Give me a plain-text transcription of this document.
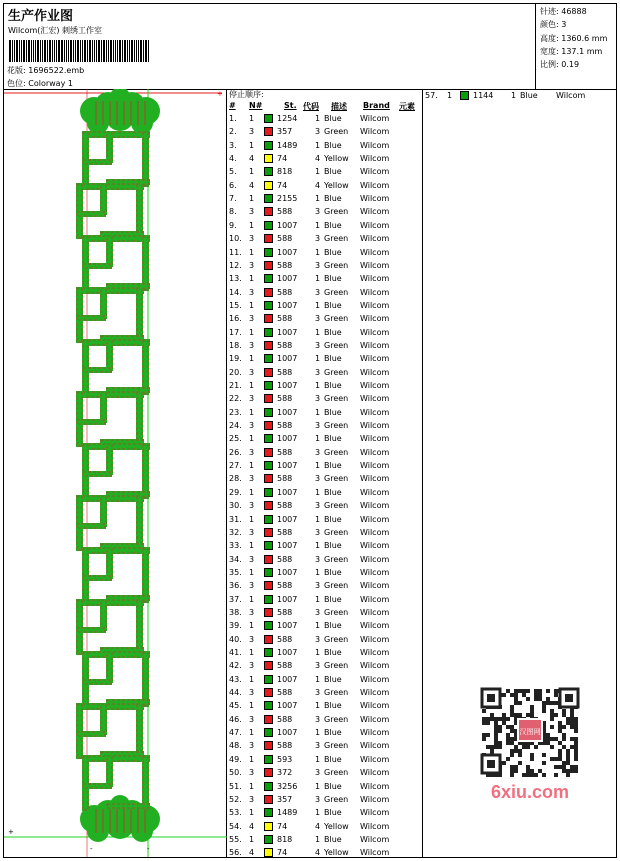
生产作业图
Wilcom(汇宏) 刺绣工作室
花版: 1696522.emb
色位: Colorway 1
针迹: 46888
颜色: 3
高度: 1360.6 mm
宽度: 137.1 mm
比例: 0.19
+
-	-
+ 停止顺序:
# N#	St. 代码 描述 Brand 元素
1. 1	1254	1 Blue Wilcom
2. 3	357	3 Green Wilcom
3. 1	1489	1 Blue Wilcom
4. 4	74	4 Yellow Wilcom
5. 1	818	1 Blue Wilcom
6. 4	74	4 Yellow Wilcom
7. 1	2155	1 Blue Wilcom
8. 3	588	3 Green Wilcom
9. 1	1007	1 Blue Wilcom
10. 3	588	3 Green Wilcom
11. 1	1007	1 Blue Wilcom
12. 3	588	3 Green Wilcom
13. 1	1007	1 Blue Wilcom
14. 3	588	3 Green Wilcom
15. 1	1007	1 Blue Wilcom
16. 3	588	3 Green Wilcom
17. 1	1007	1 Blue Wilcom
18. 3	588	3 Green Wilcom
19. 1	1007	1 Blue Wilcom
20. 3	588	3 Green Wilcom
21. 1	1007	1 Blue Wilcom
22. 3	588	3 Green Wilcom
23. 1	1007	1 Blue Wilcom
24. 3	588	3 Green Wilcom
25. 1	1007	1 Blue Wilcom
26. 3	588	3 Green Wilcom
27. 1	1007	1 Blue Wilcom
28. 3	588	3 Green Wilcom
29. 1	1007	1 Blue Wilcom
30. 3	588	3 Green Wilcom
31. 1	1007	1 Blue Wilcom
32. 3	588	3 Green Wilcom
33. 1	1007	1 Blue Wilcom
34. 3	588	3 Green Wilcom
35. 1	1007	1 Blue Wilcom
36. 3	588	3 Green Wilcom
37. 1	1007	1 Blue Wilcom
38. 3	588	3 Green Wilcom
39. 1	1007	1 Blue Wilcom
40. 3	588	3 Green Wilcom
41. 1	1007	1 Blue Wilcom
42. 3	588	3 Green Wilcom
43. 1	1007	1 Blue Wilcom
44. 3	588	3 Green Wilcom
45. 1	1007	1 Blue Wilcom
46. 3	588	3 Green Wilcom
47. 1	1007	1 Blue Wilcom
48. 3	588	3 Green Wilcom
49. 1	593	1 Blue Wilcom
50. 3	372	3 Green Wilcom
51. 1	3256	1 Blue Wilcom
52. 3	357	3 Green Wilcom
53. 1	1489	1 Blue Wilcom
54. 4	74	4 Yellow Wilcom
55. 1	818	1 Blue Wilcom
56. 4	74	4 Yellow Wilcom
57. 1	1144 1 Blue Wilcom
汉图网
6xiu.com
